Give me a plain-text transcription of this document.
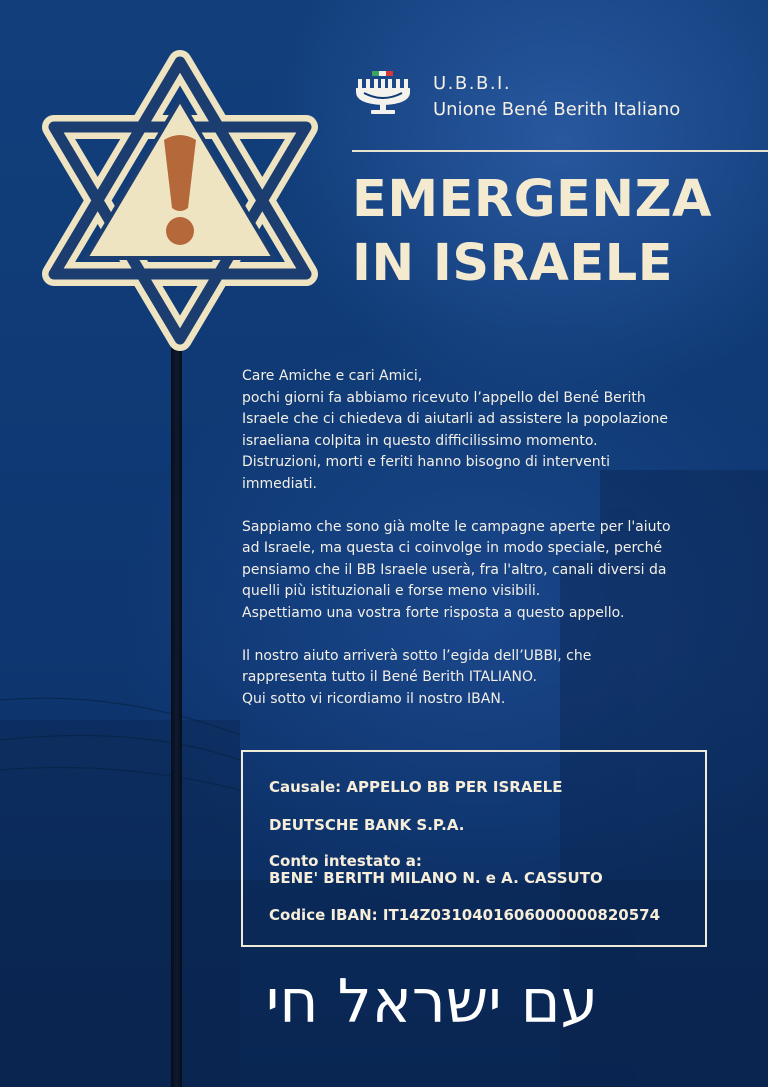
U.B.B.I.
Unione Bené Berith Italiano
EMERGENZA
IN ISRAELE

Care Amiche e cari Amici,
pochi giorni fa abbiamo ricevuto l’appello del Bené Berith
Israele che ci chiedeva di aiutarli ad assistere la popolazione
israeliana colpita in questo difficilissimo momento.
Distruzioni, morti e feriti hanno bisogno di interventi
immediati.

Sappiamo che sono già molte le campagne aperte per l'aiuto
ad Israele, ma questa ci coinvolge in modo speciale, perché
pensiamo che il BB Israele userà, fra l'altro, canali diversi da
quelli più istituzionali e forse meno visibili.
Aspettiamo una vostra forte risposta a questo appello.

Il nostro aiuto arriverà sotto l’egida dell’UBBI, che
rappresenta tutto il Bené Berith ITALIANO.
Qui sotto vi ricordiamo il nostro IBAN.

Causale: APPELLO BB PER ISRAELE

DEUTSCHE BANK S.P.A.

Conto intestato a:

BENE' BERITH MILANO N. e A. CASSUTO

Codice IBAN: IT14Z0310401606000000820574

עם ישראל חי
